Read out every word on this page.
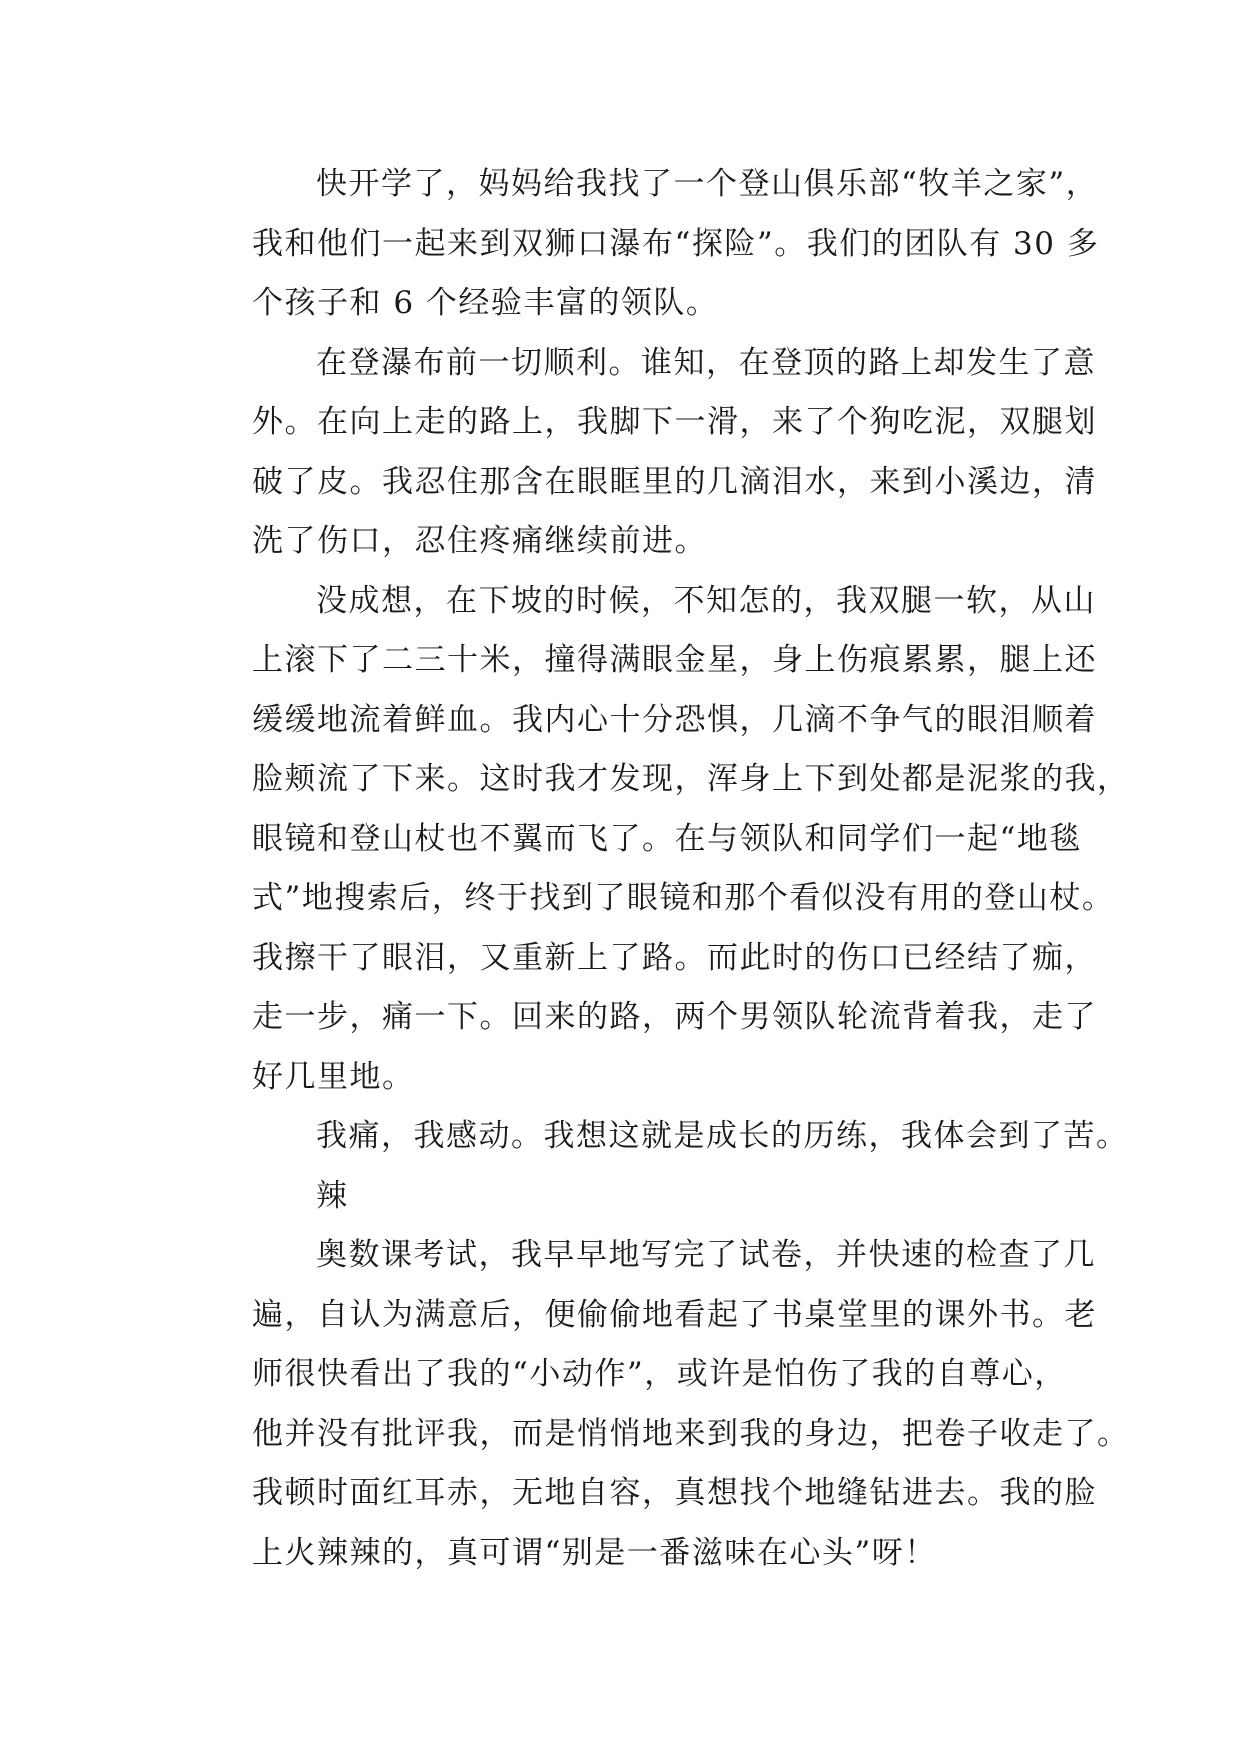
快开学了，妈妈给我找了一个登山俱乐部“牧羊之家”，
我和他们一起来到双狮口瀑布“探险”。我们的团队有 30 多
个孩子和 6 个经验丰富的领队。
在登瀑布前一切顺利。谁知，在登顶的路上却发生了意
外。在向上走的路上，我脚下一滑，来了个狗吃泥，双腿划
破了皮。我忍住那含在眼眶里的几滴泪水，来到小溪边，清
洗了伤口，忍住疼痛继续前进。
没成想，在下坡的时候，不知怎的，我双腿一软，从山
上滚下了二三十米，撞得满眼金星，身上伤痕累累，腿上还
缓缓地流着鲜血。我内心十分恐惧，几滴不争气的眼泪顺着
脸颊流了下来。这时我才发现，浑身上下到处都是泥浆的我，
眼镜和登山杖也不翼而飞了。在与领队和同学们一起“地毯
式”地搜索后，终于找到了眼镜和那个看似没有用的登山杖。
我擦干了眼泪，又重新上了路。而此时的伤口已经结了痂，
走一步，痛一下。回来的路，两个男领队轮流背着我，走了
好几里地。
我痛，我感动。我想这就是成长的历练，我体会到了苦。
辣
奥数课考试，我早早地写完了试卷，并快速的检查了几
遍，自认为满意后，便偷偷地看起了书桌堂里的课外书。老
师很快看出了我的“小动作”，或许是怕伤了我的自尊心，
他并没有批评我，而是悄悄地来到我的身边，把卷子收走了。
我顿时面红耳赤，无地自容，真想找个地缝钻进去。我的脸
上火辣辣的，真可谓“别是一番滋味在心头”呀！
